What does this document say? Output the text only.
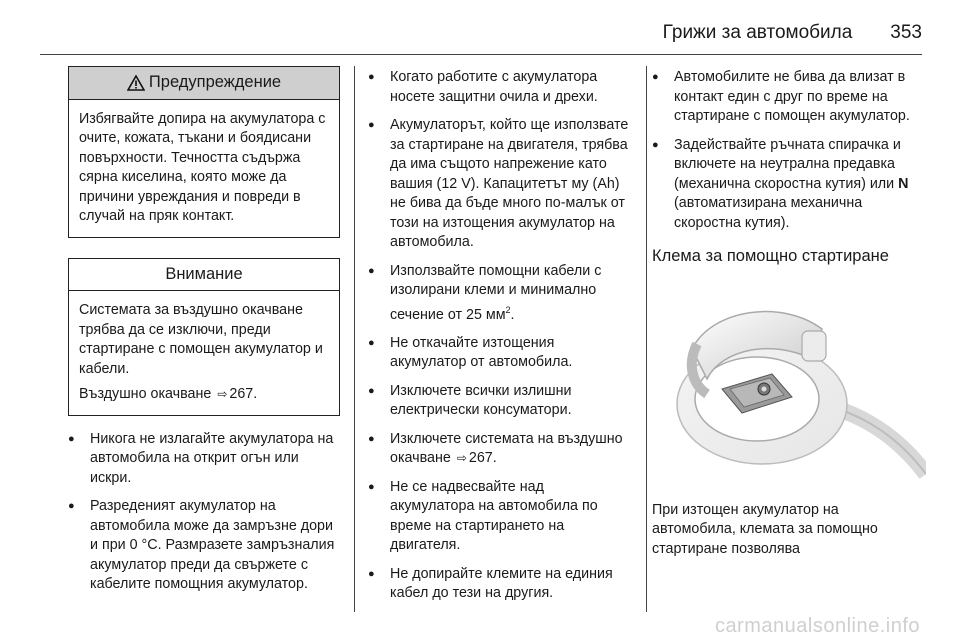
Грижи за автомобила 353
Предупреждение

Избягвайте допира на акумулатора с очите, кожата, тъкани и боядисани повърхности. Течността съдържа сярна киселина, която може да причини увреждания и повреди в случай на пряк контакт.

Внимание

Системата за въздушно окачване трябва да се изключи, преди стартиране с помощен акумулатор и кабели.

Въздушно окачване ⇨ 267.

● Никога не излагайте акумулатора на автомобила на открит огън или искри.
● Разреденият акумулатор на автомобила може да замръзне дори и при 0 °C. Размразете замръзналия акумулатор преди да свържете с кабелите помощния акумулатор.
● Когато работите с акумулатора носете защитни очила и дрехи.
● Акумулаторът, който ще използвате за стартиране на двигателя, трябва да има същото напрежение като вашия (12 V). Капацитетът му (Ah) не бива да бъде много по-малък от този на изтощения акумулатор на автомобила.
● Използвайте помощни кабели с изолирани клеми и минимално сечение от 25 $мм^2$.
● Не откачайте изтощения акумулатор от автомобила.
● Изключете всички излишни електрически консуматори.
● Изключете системата на въздушно окачване ⇨ 267.
● Не се надвесвайте над акумулатора на автомобила по време на стартирането на двигателя.
● Не допирайте клемите на единия кабел до тези на другия.
● Автомобилите не бива да влизат в контакт един с друг по време на стартиране с помощен акумулатор.
● Задействайте ръчната спирачка и включете на неутрална предавка (механична скоростна кутия) или N (автоматизирана механична скоростна кутия).
Клема за помощно стартиране

При изтощен акумулатор на автомобила, клемата за помощно стартиране позволява

carmanualsonline.info
